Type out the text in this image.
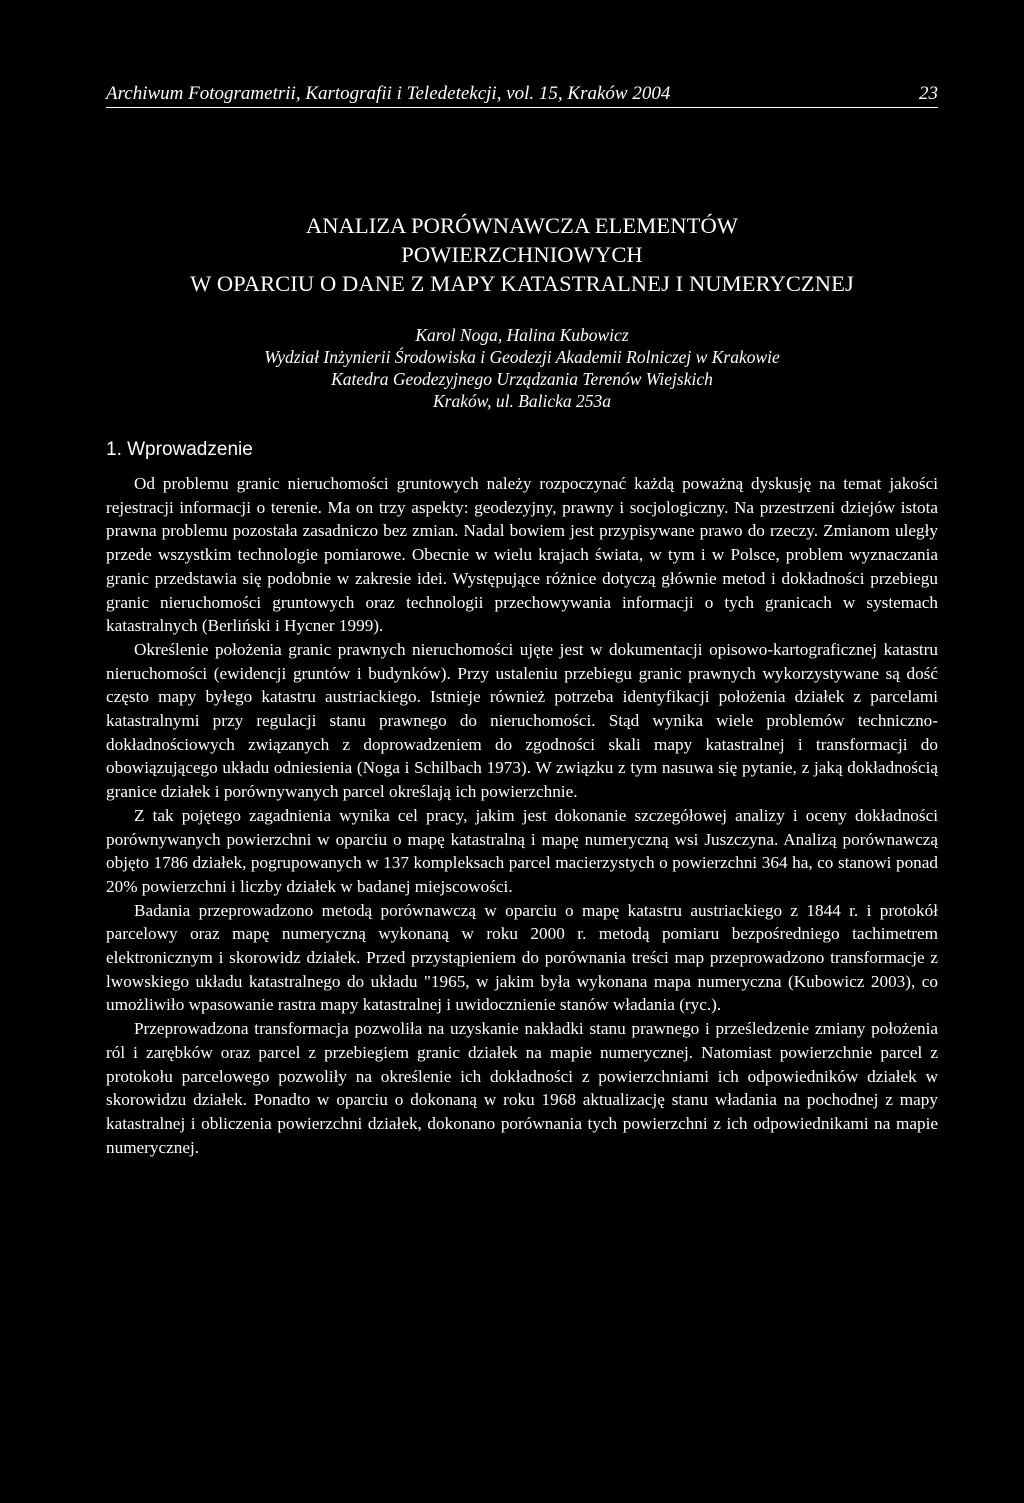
Archiwum Fotogrametrii, Kartografii i Teledetekcji, vol. 15, Kraków 2004	23
ANALIZA PORÓWNAWCZA ELEMENTÓW
POWIERZCHNIOWYCH
W OPARCIU O DANE Z MAPY KATASTRALNEJ I NUMERYCZNEJ
Karol Noga, Halina Kubowicz
Wydział Inżynierii Środowiska i Geodezji Akademii Rolniczej w Krakowie
Katedra Geodezyjnego Urządzania Terenów Wiejskich
Kraków, ul. Balicka 253a
1. Wprowadzenie

Od problemu granic nieruchomości gruntowych należy rozpoczynać każdą poważną dyskusję na temat jakości rejestracji informacji o terenie. Ma on trzy aspekty: geodezyjny, prawny i socjologiczny. Na przestrzeni dziejów istota prawna problemu pozostała zasadniczo bez zmian. Nadal bowiem jest przypisywane prawo do rzeczy. Zmianom uległy przede wszystkim technologie pomiarowe. Obecnie w wielu krajach świata, w tym i w Polsce, problem wyznaczania granic przedstawia się podobnie w zakresie idei. Występujące różnice dotyczą głównie metod i dokładności przebiegu granic nieruchomości gruntowych oraz technologii przechowywania informacji o tych granicach w systemach katastralnych (Berliński i Hycner 1999).

Określenie położenia granic prawnych nieruchomości ujęte jest w dokumentacji opisowo-kartograficznej katastru nieruchomości (ewidencji gruntów i budynków). Przy ustaleniu przebiegu granic prawnych wykorzystywane są dość często mapy byłego katastru austriackiego. Istnieje również potrzeba identyfikacji położenia działek z parcelami katastralnymi przy regulacji stanu prawnego do nieruchomości. Stąd wynika wiele problemów techniczno-dokładnościowych związanych z doprowadzeniem do zgodności skali mapy katastralnej i transformacji do obowiązującego układu odniesienia (Noga i Schilbach 1973). W związku z tym nasuwa się pytanie, z jaką dokładnością granice działek i porównywanych parcel określają ich powierzchnie.

Z tak pojętego zagadnienia wynika cel pracy, jakim jest dokonanie szczegółowej analizy i oceny dokładności porównywanych powierzchni w oparciu o mapę katastralną i mapę numeryczną wsi Juszczyna. Analizą porównawczą objęto 1786 działek, pogrupowanych w 137 kompleksach parcel macierzystych o powierzchni 364 ha, co stanowi ponad 20% powierzchni i liczby działek w badanej miejscowości.

Badania przeprowadzono metodą porównawczą w oparciu o mapę katastru austriackiego z 1844 r. i protokół parcelowy oraz mapę numeryczną wykonaną w roku 2000 r. metodą pomiaru bezpośredniego tachimetrem elektronicznym i skorowidz działek. Przed przystąpieniem do porównania treści map przeprowadzono transformacje z lwowskiego układu katastralnego do układu "1965, w jakim była wykonana mapa numeryczna (Kubowicz 2003), co umożliwiło wpasowanie rastra mapy katastralnej i uwidocznienie stanów władania (ryc.).

Przeprowadzona transformacja pozwoliła na uzyskanie nakładki stanu prawnego i prześledzenie zmiany położenia ról i zarębków oraz parcel z przebiegiem granic działek na mapie numerycznej. Natomiast powierzchnie parcel z protokołu parcelowego pozwoliły na określenie ich dokładności z powierzchniami ich odpowiedników działek w skorowidzu działek. Ponadto w oparciu o dokonaną w roku 1968 aktualizację stanu władania na pochodnej z mapy katastralnej i obliczenia powierzchni działek, dokonano porównania tych powierzchni z ich odpowiednikami na mapie numerycznej.
